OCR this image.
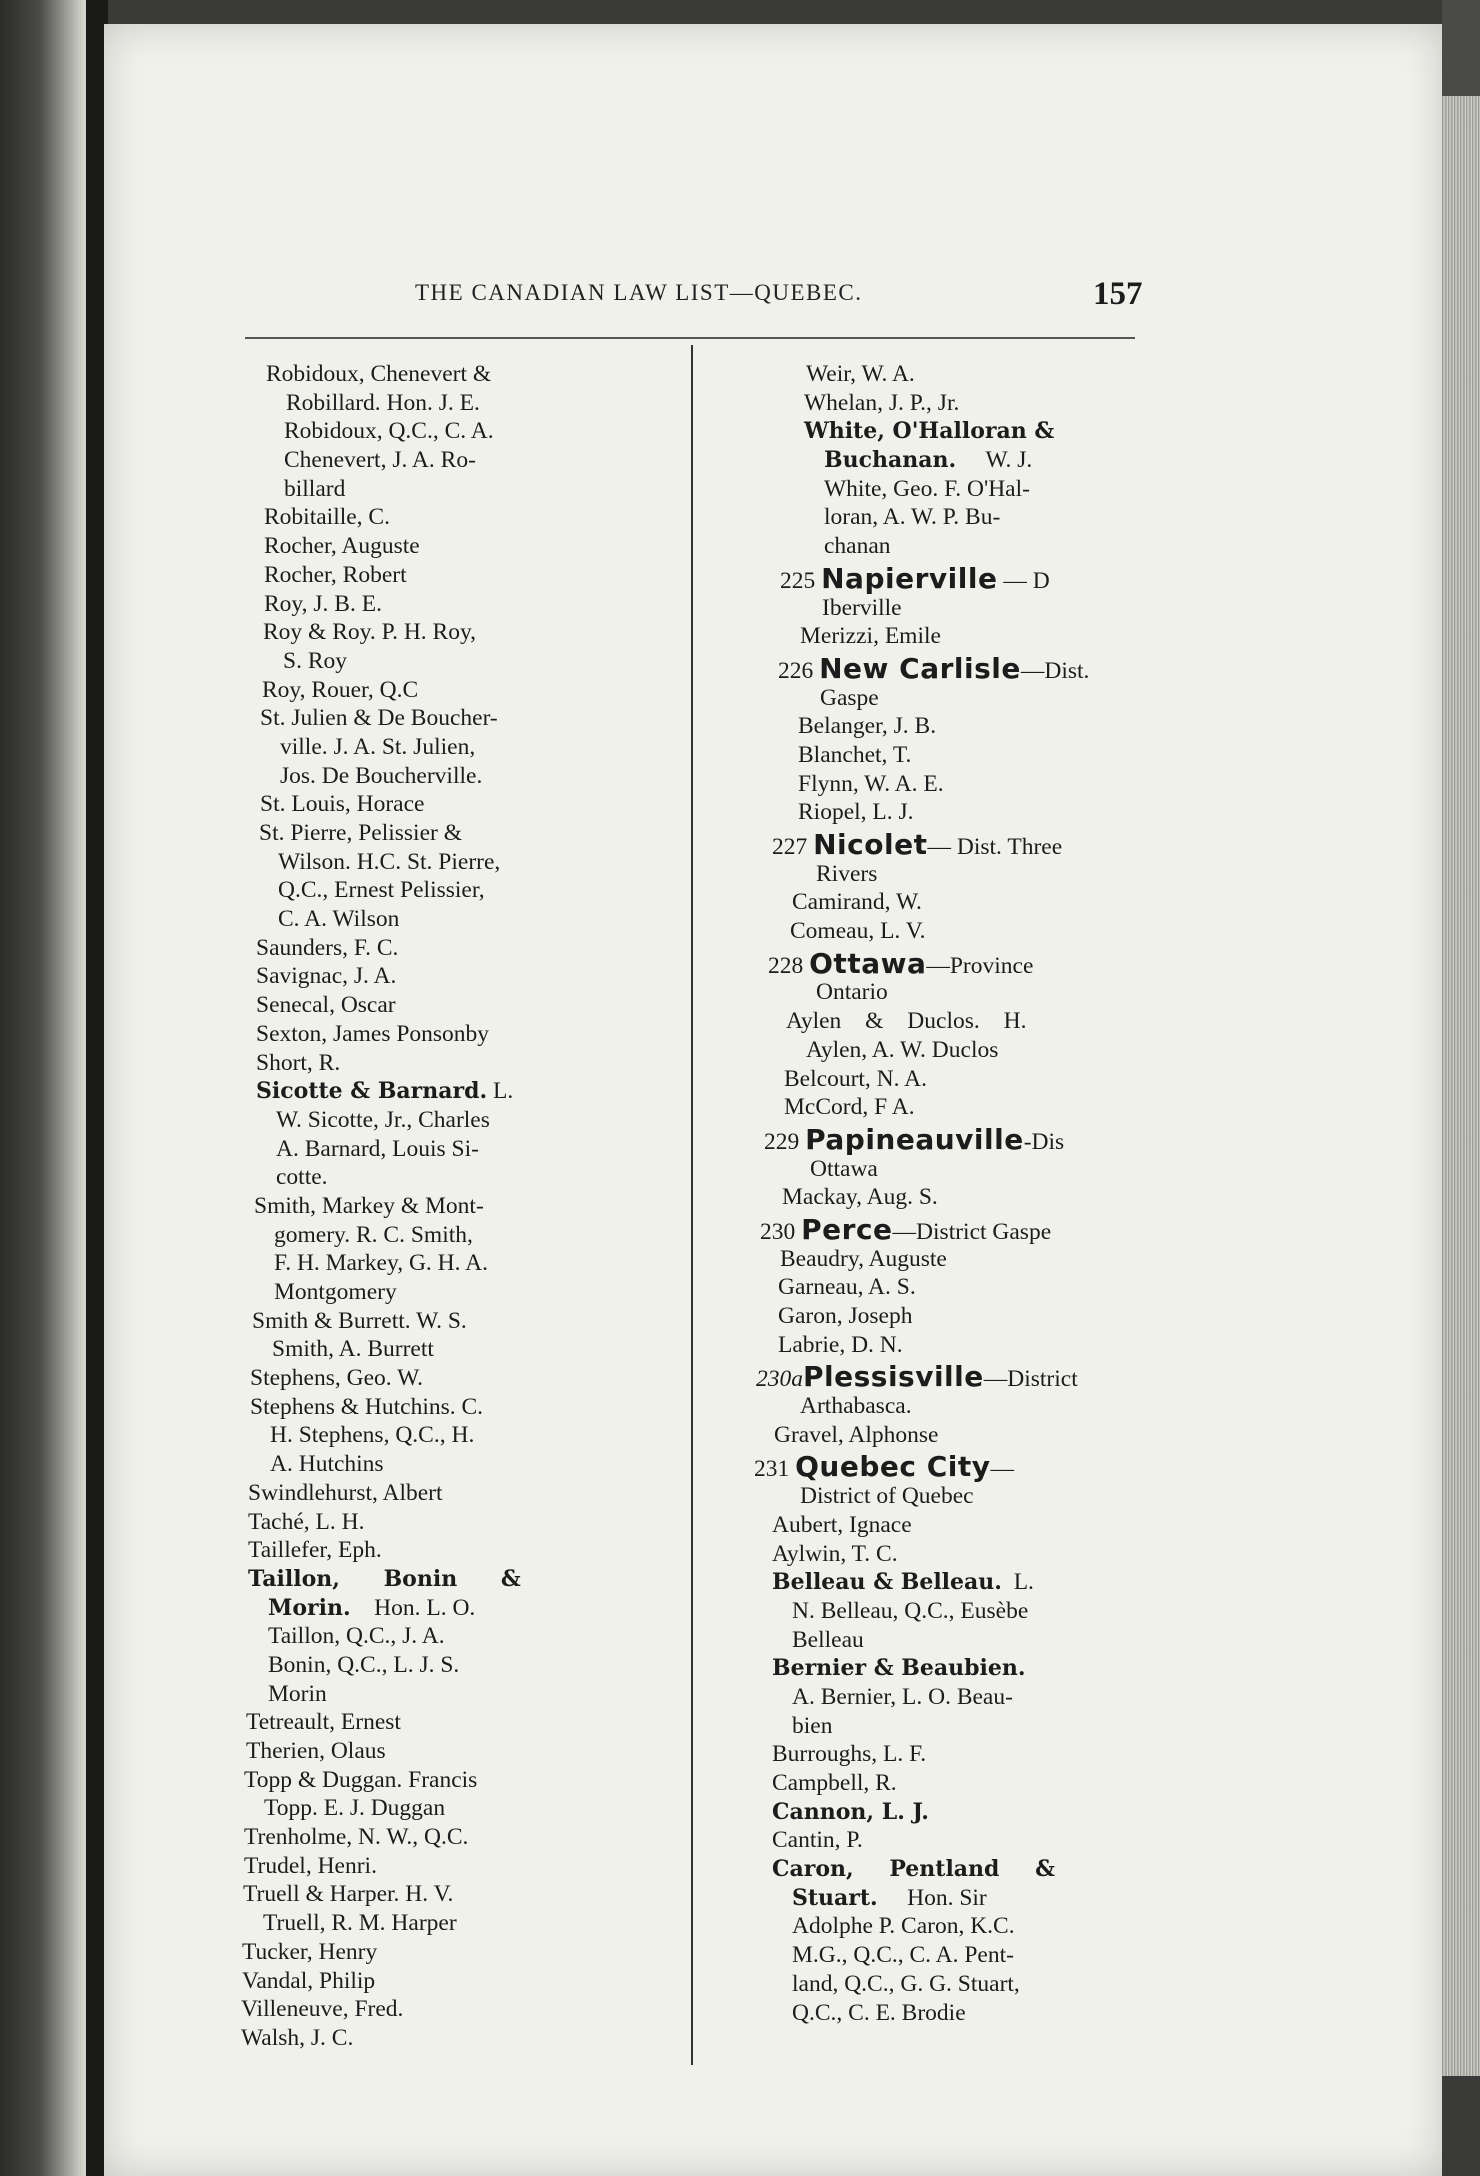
THE CANADIAN LAW LIST—QUEBEC.	157
Robidoux, Chenevert &
Robillard. Hon. J. E.
Robidoux, Q.C., C. A.
Chenevert, J. A. Ro-
billard
Robitaille, C.
Rocher, Auguste
Rocher, Robert
Roy, J. B. E.
Roy & Roy. P. H. Roy,
S. Roy
Roy, Rouer, Q.C
St. Julien & De Boucher-
ville. J. A. St. Julien,
Jos. De Boucherville.
St. Louis, Horace
St. Pierre, Pelissier &
Wilson. H.C. St. Pierre,
Q.C., Ernest Pelissier,
C. A. Wilson
Saunders, F. C.
Savignac, J. A.
Senecal, Oscar
Sexton, James Ponsonby
Short, R.
Sicotte & Barnard. L.
W. Sicotte, Jr., Charles
A. Barnard, Louis Si-
cotte.
Smith, Markey & Mont-
gomery. R. C. Smith,
F. H. Markey, G. H. A.
Montgomery
Smith & Burrett. W. S.
Smith, A. Burrett
Stephens, Geo. W.
Stephens & Hutchins. C.
H. Stephens, Q.C., H.
A. Hutchins
Swindlehurst, Albert
Taché, L. H.
Taillefer, Eph.
Taillon, Bonin &
Morin. Hon. L. O.
Taillon, Q.C., J. A.
Bonin, Q.C., L. J. S.
Morin
Tetreault, Ernest
Therien, Olaus
Topp & Duggan. Francis
Topp. E. J. Duggan
Trenholme, N. W., Q.C.
Trudel, Henri.
Truell & Harper. H. V.
Truell, R. M. Harper
Tucker, Henry
Vandal, Philip
Villeneuve, Fred.
Walsh, J. C.
Weir, W. A.
Whelan, J. P., Jr.
White, O'Halloran &
Buchanan. W. J.
White, Geo. F. O'Hal-
loran, A. W. P. Bu-
chanan
225 Napierville — D
Iberville
Merizzi, Emile
226 New Carlisle—Dist.
Gaspe
Belanger, J. B.
Blanchet, T.
Flynn, W. A. E.
Riopel, L. J.
227 Nicolet— Dist. Three
Rivers
Camirand, W.
Comeau, L. V.
228 Ottawa—Province
Ontario
Aylen & Duclos. H.
Aylen, A. W. Duclos
Belcourt, N. A.
McCord, F A.
229 Papineauville-Dis
Ottawa
Mackay, Aug. S.
230 Perce—District Gaspe
Beaudry, Auguste
Garneau, A. S.
Garon, Joseph
Labrie, D. N.
230aPlessisville—District
Arthabasca.
Gravel, Alphonse
231 Quebec City—
District of Quebec
Aubert, Ignace
Aylwin, T. C.
Belleau & Belleau. L.
N. Belleau, Q.C., Eusèbe
Belleau
Bernier & Beaubien.
A. Bernier, L. O. Beau-
bien
Burroughs, L. F.
Campbell, R.
Cannon, L. J.
Cantin, P.
Caron, Pentland &
Stuart. Hon. Sir
Adolphe P. Caron, K.C.
M.G., Q.C., C. A. Pent-
land, Q.C., G. G. Stuart,
Q.C., C. E. Brodie
